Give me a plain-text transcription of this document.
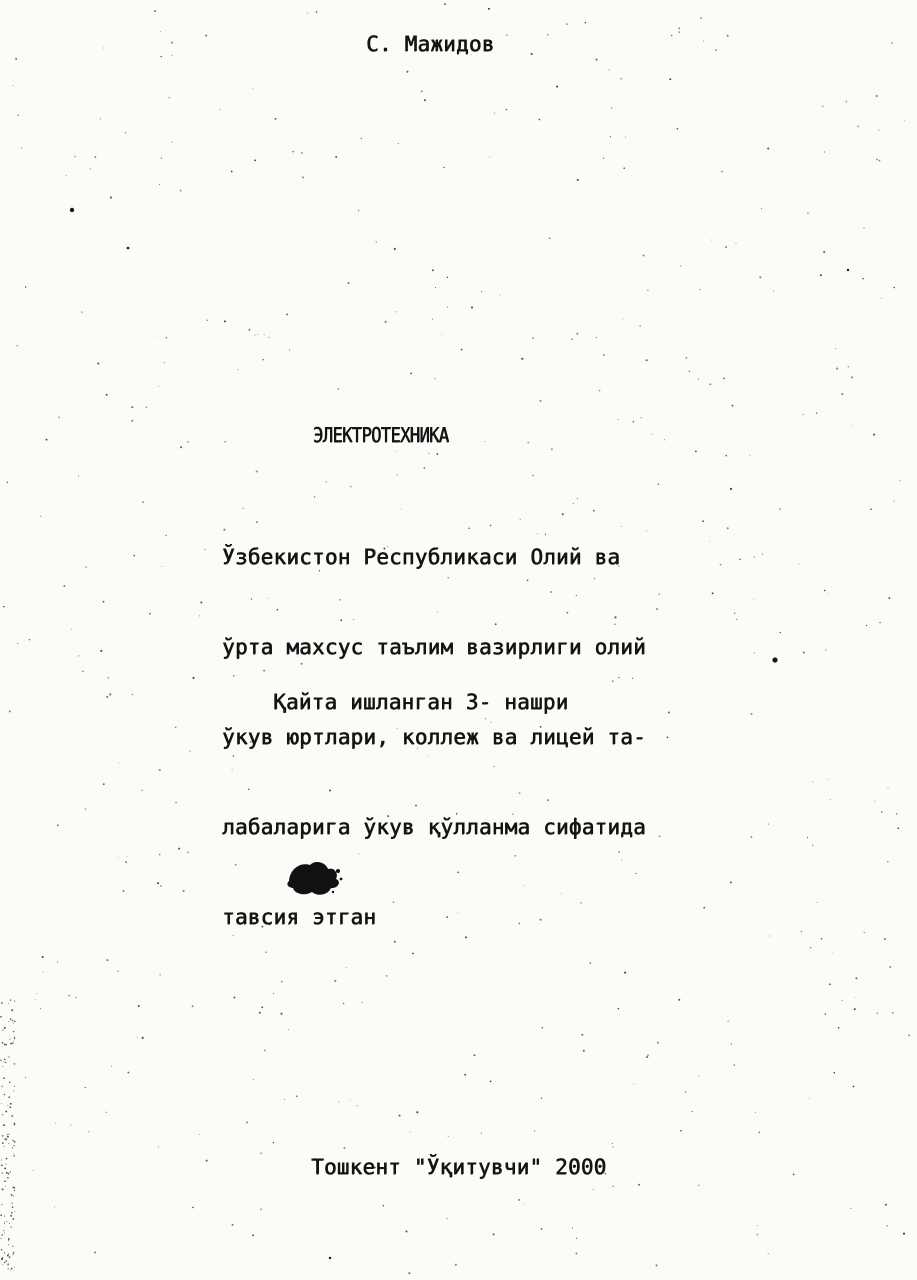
С. Мажидов
ЭЛЕКТРОТЕХНИКА

Ўзбекистон Республикаси Олий ва

ўрта махсус таълим вазирлиги олий

ўкув юртлари, коллеж ва лицей та-

лабаларига ўкув қўлланма сифатида

тавсия этган

Қайта ишланган 3- нашри
Тошкент "Ўқитувчи" 2000
